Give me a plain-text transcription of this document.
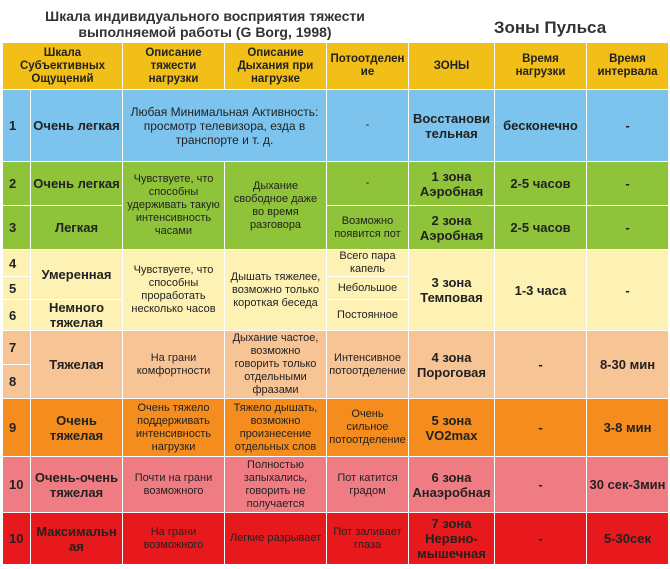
Шкала индивидуального восприятия тяжести выполняемой работы (G Borg, 1998)	Зоны Пульса
Шкала Субъективных Ощущений		Описание тяжести нагрузки	Описание Дыхания при нагрузке	Потоотделен ие	ЗОНЫ	Время нагрузки	Время интервала
1	Очень легкая	Любая Минимальная Активность: просмотр телевизора, езда в транспорте и т. д.		-	Восстанови тельная	бесконечно	-
2	Очень легкая	Чувствуете, что способны удерживать такую интенсивность часами	Дыхание свободное даже во время разговора	-	1 зона Аэробная	2-5 часов	-
3	Легкая			Возможно появится пот	2 зона Аэробная	2-5 часов	-
4	Умеренная	Чувствуете, что способны проработать несколько часов	Дышать тяжелее, возможно только короткая беседа	Всего пара капель	3 зона Темповая	1-3 часа	-
5				Небольшое			
6	Немного тяжелая			Постоянное			
7	Тяжелая	На грани комфортности	Дыхание частое, возможно говорить только отдельными фразами	Интенсивное потоотделение	4 зона Пороговая	-	8-30 мин
8							
9	Очень тяжелая	Очень тяжело поддерживать интенсивность нагрузки	Тяжело дышать, возможно произнесение отдельных слов	Очень сильное потоотделение	5 зона VO2max	-	3-8 мин
10	Очень-очень тяжелая	Почти на грани возможного	Полностью запыхались, говорить не получается	Пот катится градом	6 зона Анаэробная	-	30 сек-3мин
10	Максимальн ая	На грани возможного	Легкие разрывает	Пот заливает глаза	7 зона Нервно-мышечная	-	5-30сек
